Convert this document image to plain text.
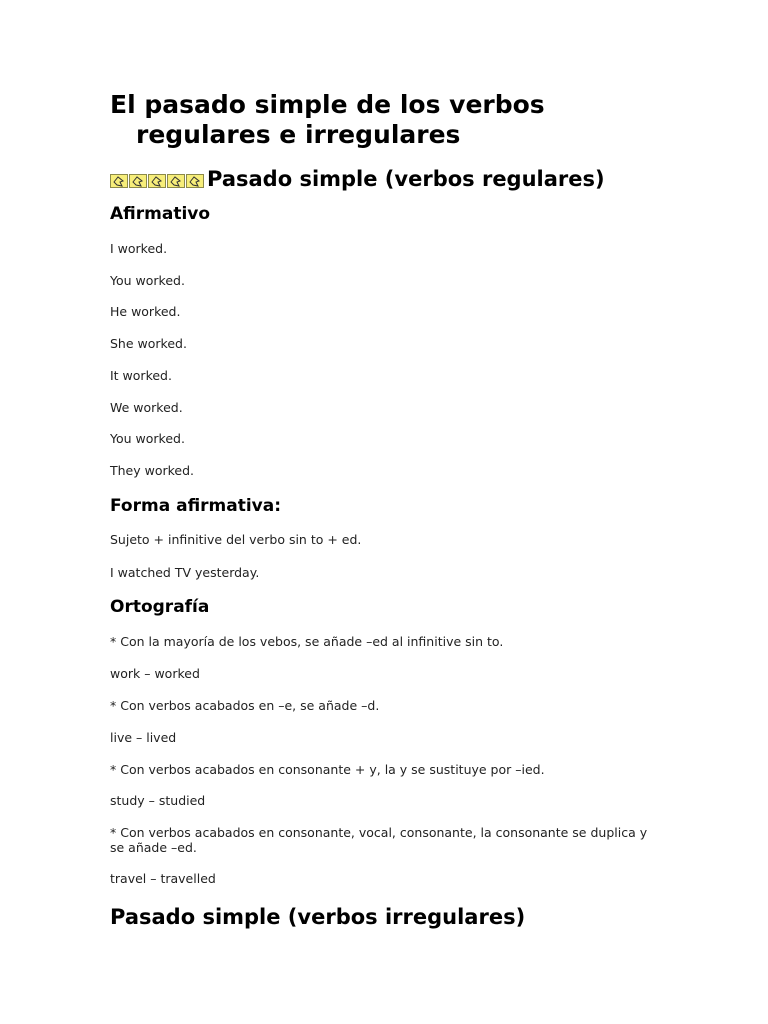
El pasado simple de los verbos regulares e irregulares
Pasado simple (verbos regulares)
Afirmativo

I worked.

You worked.

He worked.

She worked.

It worked.

We worked.

You worked.

They worked.

Forma afirmativa:

Sujeto + infinitive del verbo sin to + ed.

I watched TV yesterday.

Ortografía

* Con la mayoría de los vebos, se añade –ed al infinitive sin to.

work – worked

* Con verbos acabados en –e, se añade –d.

live – lived

* Con verbos acabados en consonante + y, la y se sustituye por –ied.

study – studied

* Con verbos acabados en consonante, vocal, consonante, la consonante se duplica y se añade –ed.

travel – travelled

Pasado simple (verbos irregulares)
